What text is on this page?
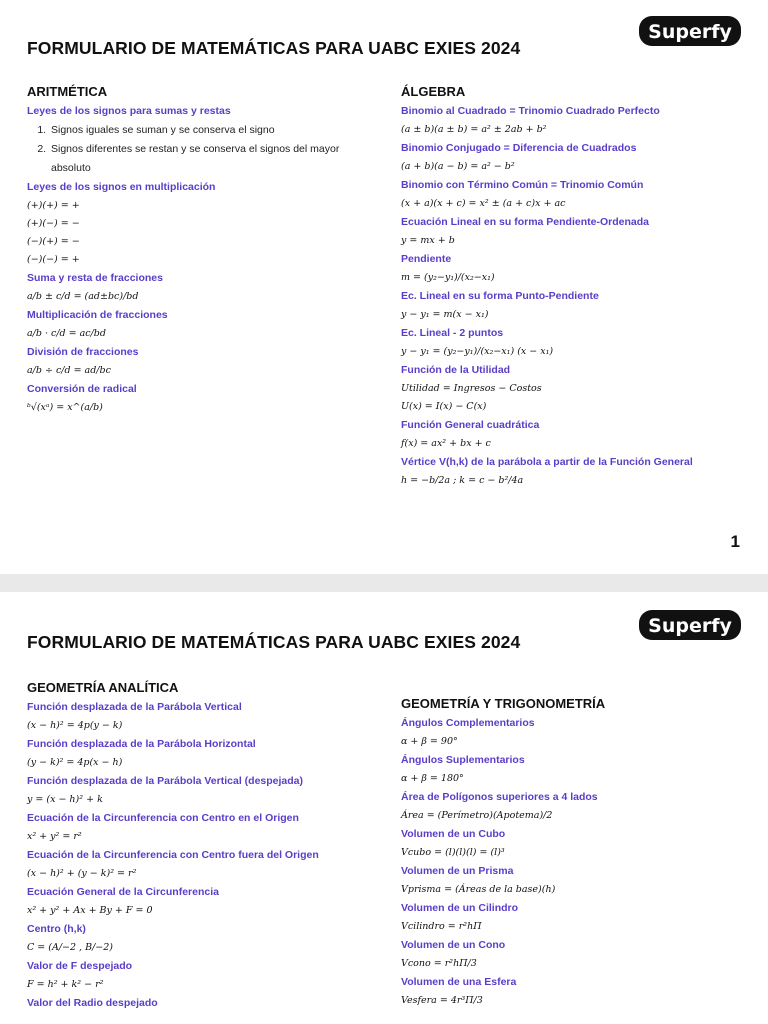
FORMULARIO DE MATEMÁTICAS PARA UABC EXIES 2024
Superfy
ARITMÉTICA
Leyes de los signos para sumas y restas
1. Signos iguales se suman y se conserva el signo
2. Signos diferentes se restan y se conserva el signos del mayor absoluto
Leyes de los signos en multiplicación
(+)(+) = +
(+)(−) = −
(−)(+) = −
(−)(−) = +
Suma y resta de fracciones
a/b ± c/d = (ad±bc)/bd
Multiplicación de fracciones
a/b · c/d = ac/bd
División de fracciones
a/b ÷ c/d = ad/bc
Conversión de radical
ᵇ√(xᵃ) = x^(a/b)
ÁLGEBRA
Binomio al Cuadrado = Trinomio Cuadrado Perfecto
(a ± b)(a ± b) = a² ± 2ab + b²
Binomio Conjugado = Diferencia de Cuadrados
(a + b)(a − b) = a² − b²
Binomio con Término Común = Trinomio Común
(x + a)(x + c) = x² ± (a + c)x + ac
Ecuación Lineal en su forma Pendiente-Ordenada
y = mx + b
Pendiente
m = (y₂−y₁)/(x₂−x₁)
Ec. Lineal en su forma Punto-Pendiente
y − y₁ = m(x − x₁)
Ec. Lineal - 2 puntos
y − y₁ = (y₂−y₁)/(x₂−x₁) (x − x₁)
Función de la Utilidad
Utilidad = Ingresos − Costos
U(x) = I(x) − C(x)
Función General cuadrática
f(x) = ax² + bx + c
Vértice V(h,k) de la parábola a partir de la Función General
h = −b/2a ; k = c − b²/4a
1
FORMULARIO DE MATEMÁTICAS PARA UABC EXIES 2024
Superfy
GEOMETRÍA ANALÍTICA
Función desplazada de la Parábola Vertical
(x − h)² = 4p(y − k)
Función desplazada de la Parábola Horizontal
(y − k)² = 4p(x − h)
Función desplazada de la Parábola Vertical (despejada)
y = (x − h)² + k
Ecuación de la Circunferencia con Centro en el Origen
x² + y² = r²
Ecuación de la Circunferencia con Centro fuera del Origen
(x − h)² + (y − k)² = r²
Ecuación General de la Circunferencia
x² + y² + Ax + By + F = 0
Centro (h,k)
C = (A/−2 , B/−2)
Valor de F despejado
F = h² + k² − r²
Valor del Radio despejado
GEOMETRÍA Y TRIGONOMETRÍA
Ángulos Complementarios
α + β = 90°
Ángulos Suplementarios
α + β = 180°
Área de Polígonos superiores a 4 lados
Área = (Perímetro)(Apotema)/2
Volumen de un Cubo
Vcubo = (l)(l)(l) = (l)³
Volumen de un Prisma
Vprisma = (Áreas de la base)(h)
Volumen de un Cilindro
Vcilindro = r²hΠ
Volumen de un Cono
Vcono = r²hΠ/3
Volumen de una Esfera
Vesfera = 4r³Π/3
